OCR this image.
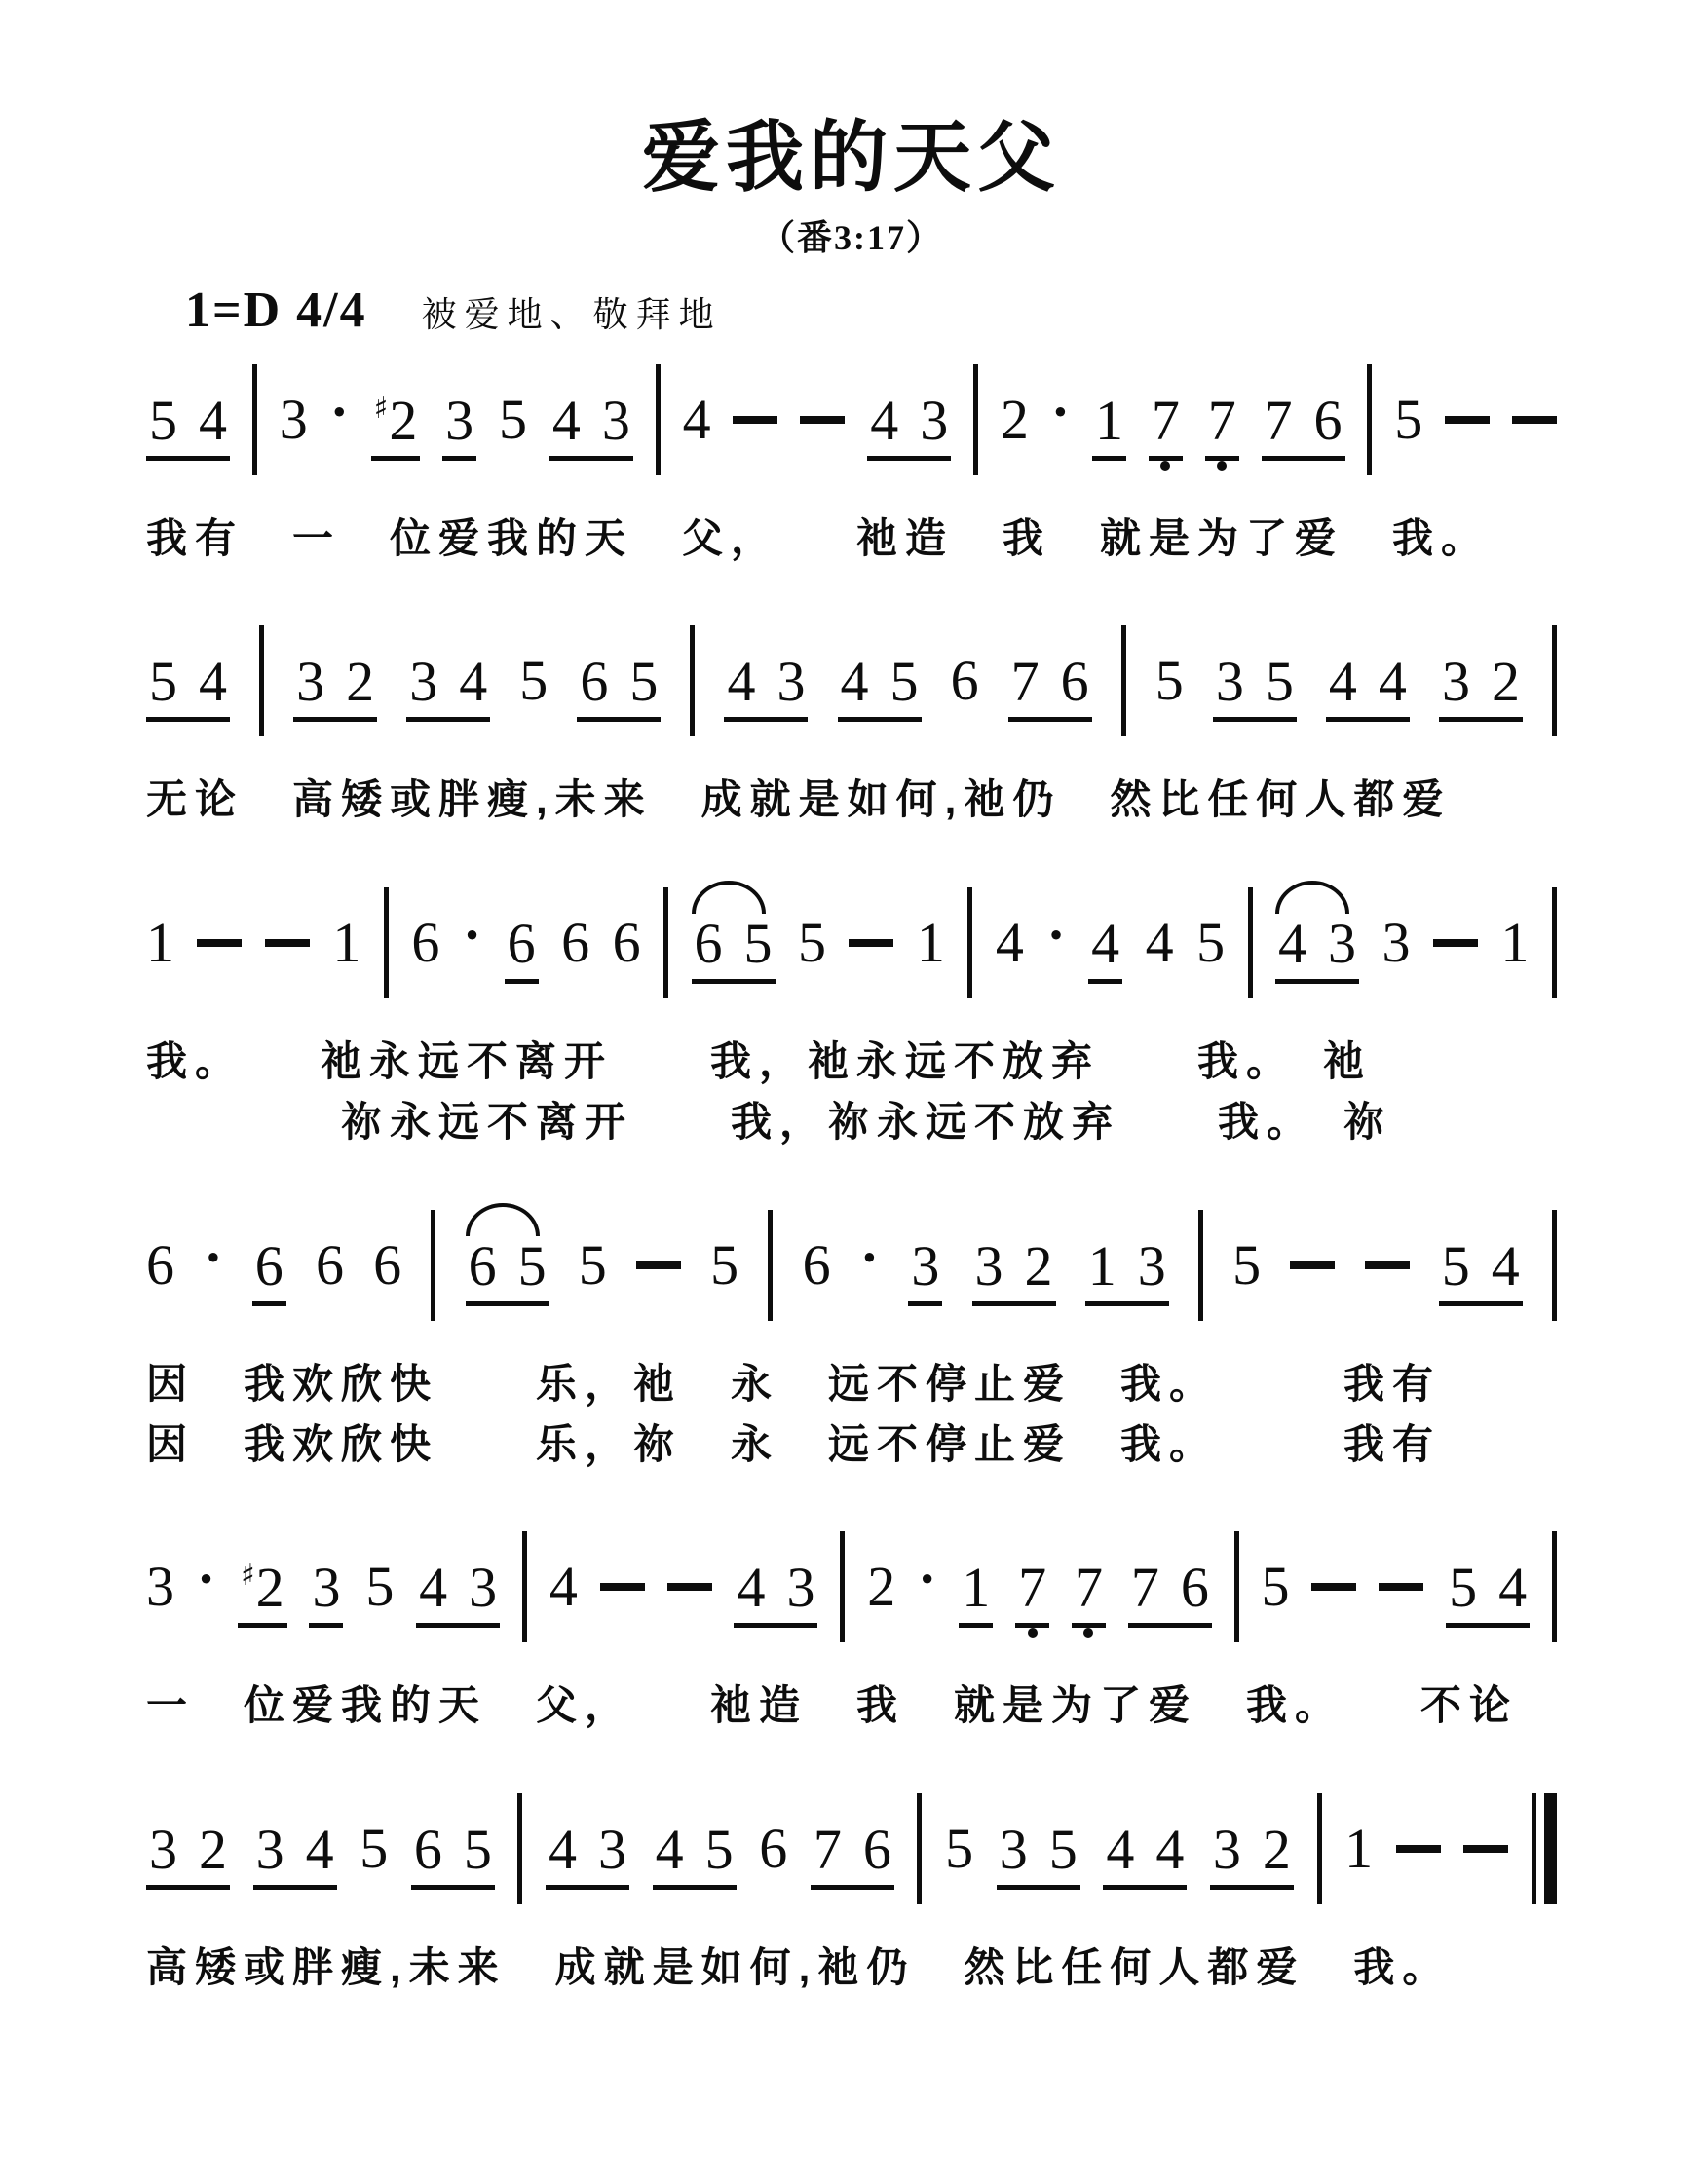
爱我的天父
（番3:17）
1=D 4/4 被爱地、敬拜地
5 4 3 · ♯ 2 3 5 4 3 4	4 3 2 · 1 7 7 7 6 5
我有　一　位爱我的天　父，　　祂造　我　就是为了爱　我。
5 4 3 2 3 4 5 6 5 4 3 4 5 6 7 6 5 3 5 4 4 3 2
无论　高矮或胖瘦,未来　成就是如何,祂仍　然比任何人都爱
1	1 6 · 6 6 6 6 5 5 1 4 · 4 4 5 4 3 3 1
我。　　祂永远不离开　　我，祂永远不放弃　　我。　祂
　　　　祢永远不离开　　我，祢永远不放弃　　我。　祢
6 · 6 6 6 6 5 5 5 6 · 3 3 2 1 3 5	5 4
因　我欢欣快　　乐，祂　永　远不停止爱　我。　　　我有
因　我欢欣快　　乐，祢　永　远不停止爱　我。　　　我有
3 · ♯ 2 3 5 4 3 4	4 3 2 · 1 7 7 7 6 5	5 4
一　位爱我的天　父，　　祂造　我　就是为了爱　我。　　不论
3 2 3 4 5 6 5 4 3 4 5 6 7 6 5 3 5 4 4 3 2 1
高矮或胖瘦,未来　成就是如何,祂仍　然比任何人都爱　我。
